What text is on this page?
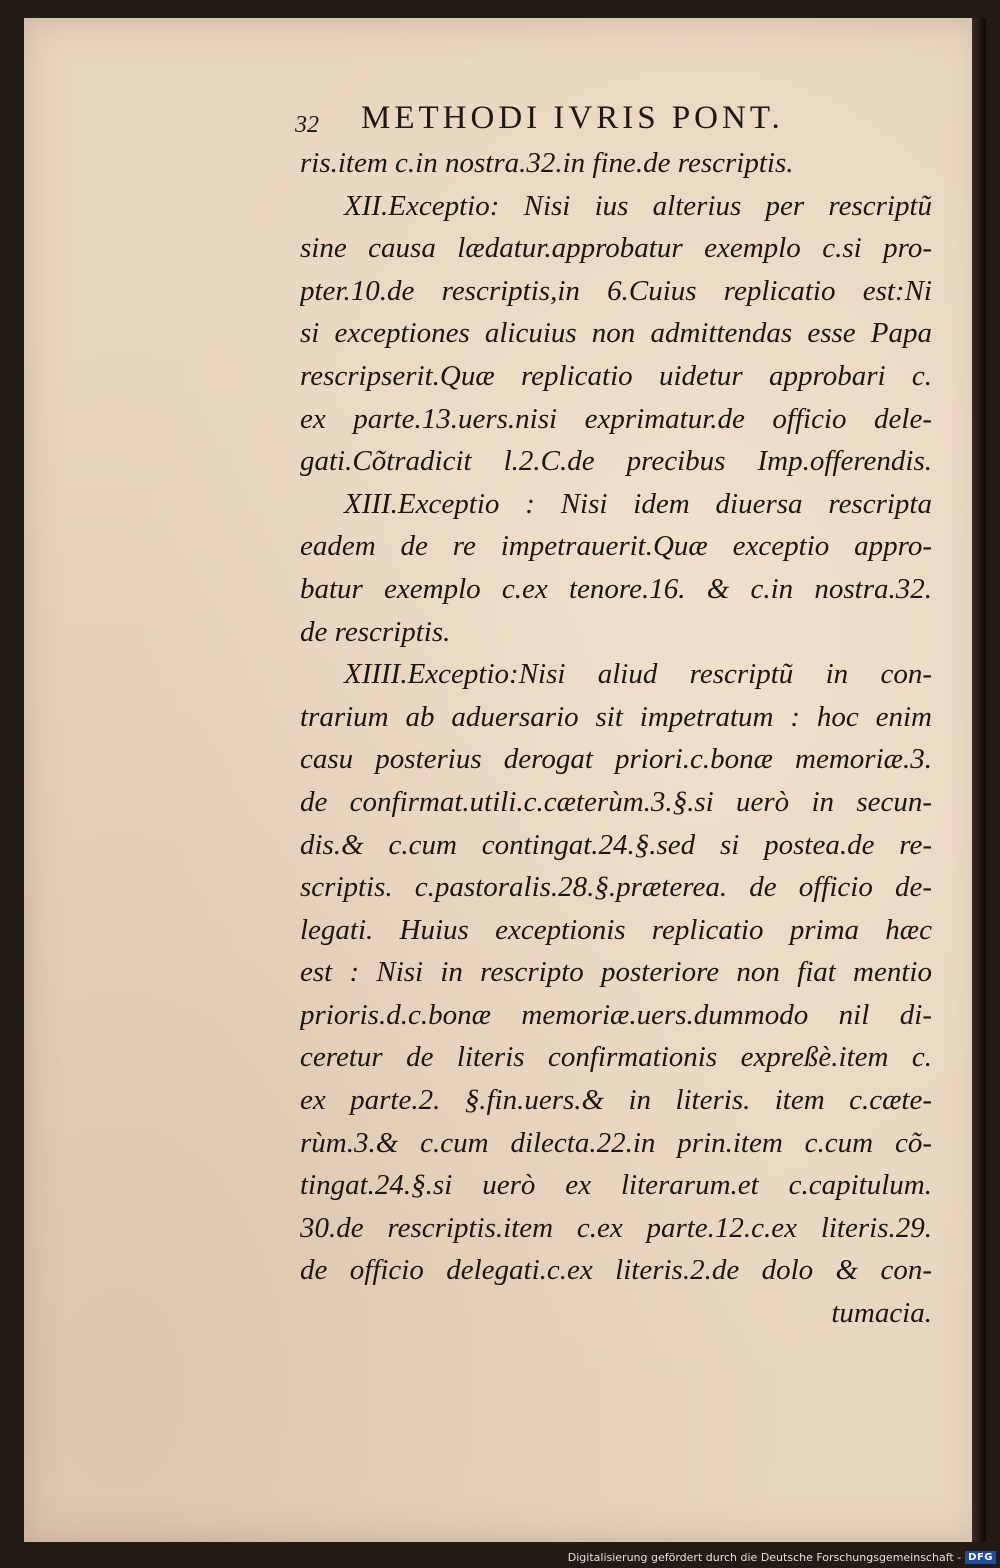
32 METHODI IVRIS PONT.
ris.item c.in nostra.32.in fine.de rescriptis.
XII.Exceptio: Nisi ius alterius per rescriptũ
sine causa lædatur.approbatur exemplo c.si pro-
pter.10.de rescriptis,in 6.Cuius replicatio est:Ni
si exceptiones alicuius non admittendas esse Papa
rescripserit.Quæ replicatio uidetur approbari c.
ex parte.13.uers.nisi exprimatur.de officio dele-
gati.Cõtradicit l.2.C.de precibus Imp.offerendis.
XIII.Exceptio : Nisi idem diuersa rescripta
eadem de re impetrauerit.Quæ exceptio appro-
batur exemplo c.ex tenore.16. & c.in nostra.32.
de rescriptis.
XIIII.Exceptio:Nisi aliud rescriptũ in con-
trarium ab aduersario sit impetratum : hoc enim
casu posterius derogat priori.c.bonæ memoriæ.3.
de confirmat.utili.c.cæterùm.3.§.si uerò in secun-
dis.& c.cum contingat.24.§.sed si postea.de re-
scriptis. c.pastoralis.28.§.præterea. de officio de-
legati. Huius exceptionis replicatio prima hæc
est : Nisi in rescripto posteriore non fiat mentio
prioris.d.c.bonæ memoriæ.uers.dummodo nil di-
ceretur de literis confirmationis expreßè.item c.
ex parte.2. §.fin.uers.& in literis. item c.cæte-
rùm.3.& c.cum dilecta.22.in prin.item c.cum cõ-
tingat.24.§.si uerò ex literarum.et c.capitulum.
30.de rescriptis.item c.ex parte.12.c.ex literis.29.
de officio delegati.c.ex literis.2.de dolo & con-
tumacia.
Digitalisierung gefördert durch die Deutsche Forschungsgemeinschaft - DFG
